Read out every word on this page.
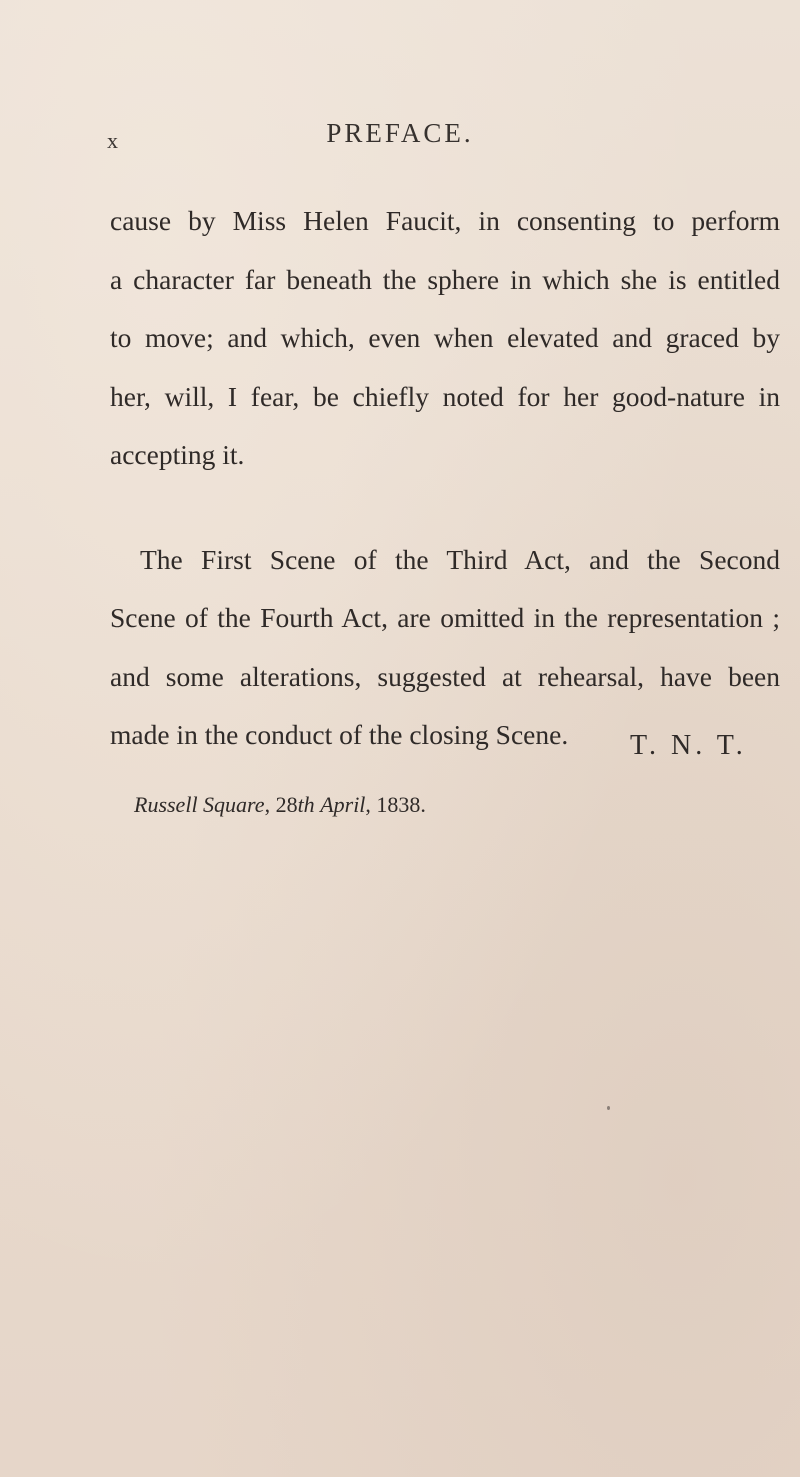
x	PREFACE.
cause by Miss Helen Faucit, in consenting to perform
a character far beneath the sphere in which she is entitled
to move; and which, even when elevated and graced by
her, will, I fear, be chiefly noted for her good-nature in
accepting it.
The First Scene of the Third Act, and the Second
Scene of the Fourth Act, are omitted in the representation ;
and some alterations, suggested at rehearsal, have been
made in the conduct of the closing Scene.	T. N. T.
Russell Square, 28th April, 1838.
